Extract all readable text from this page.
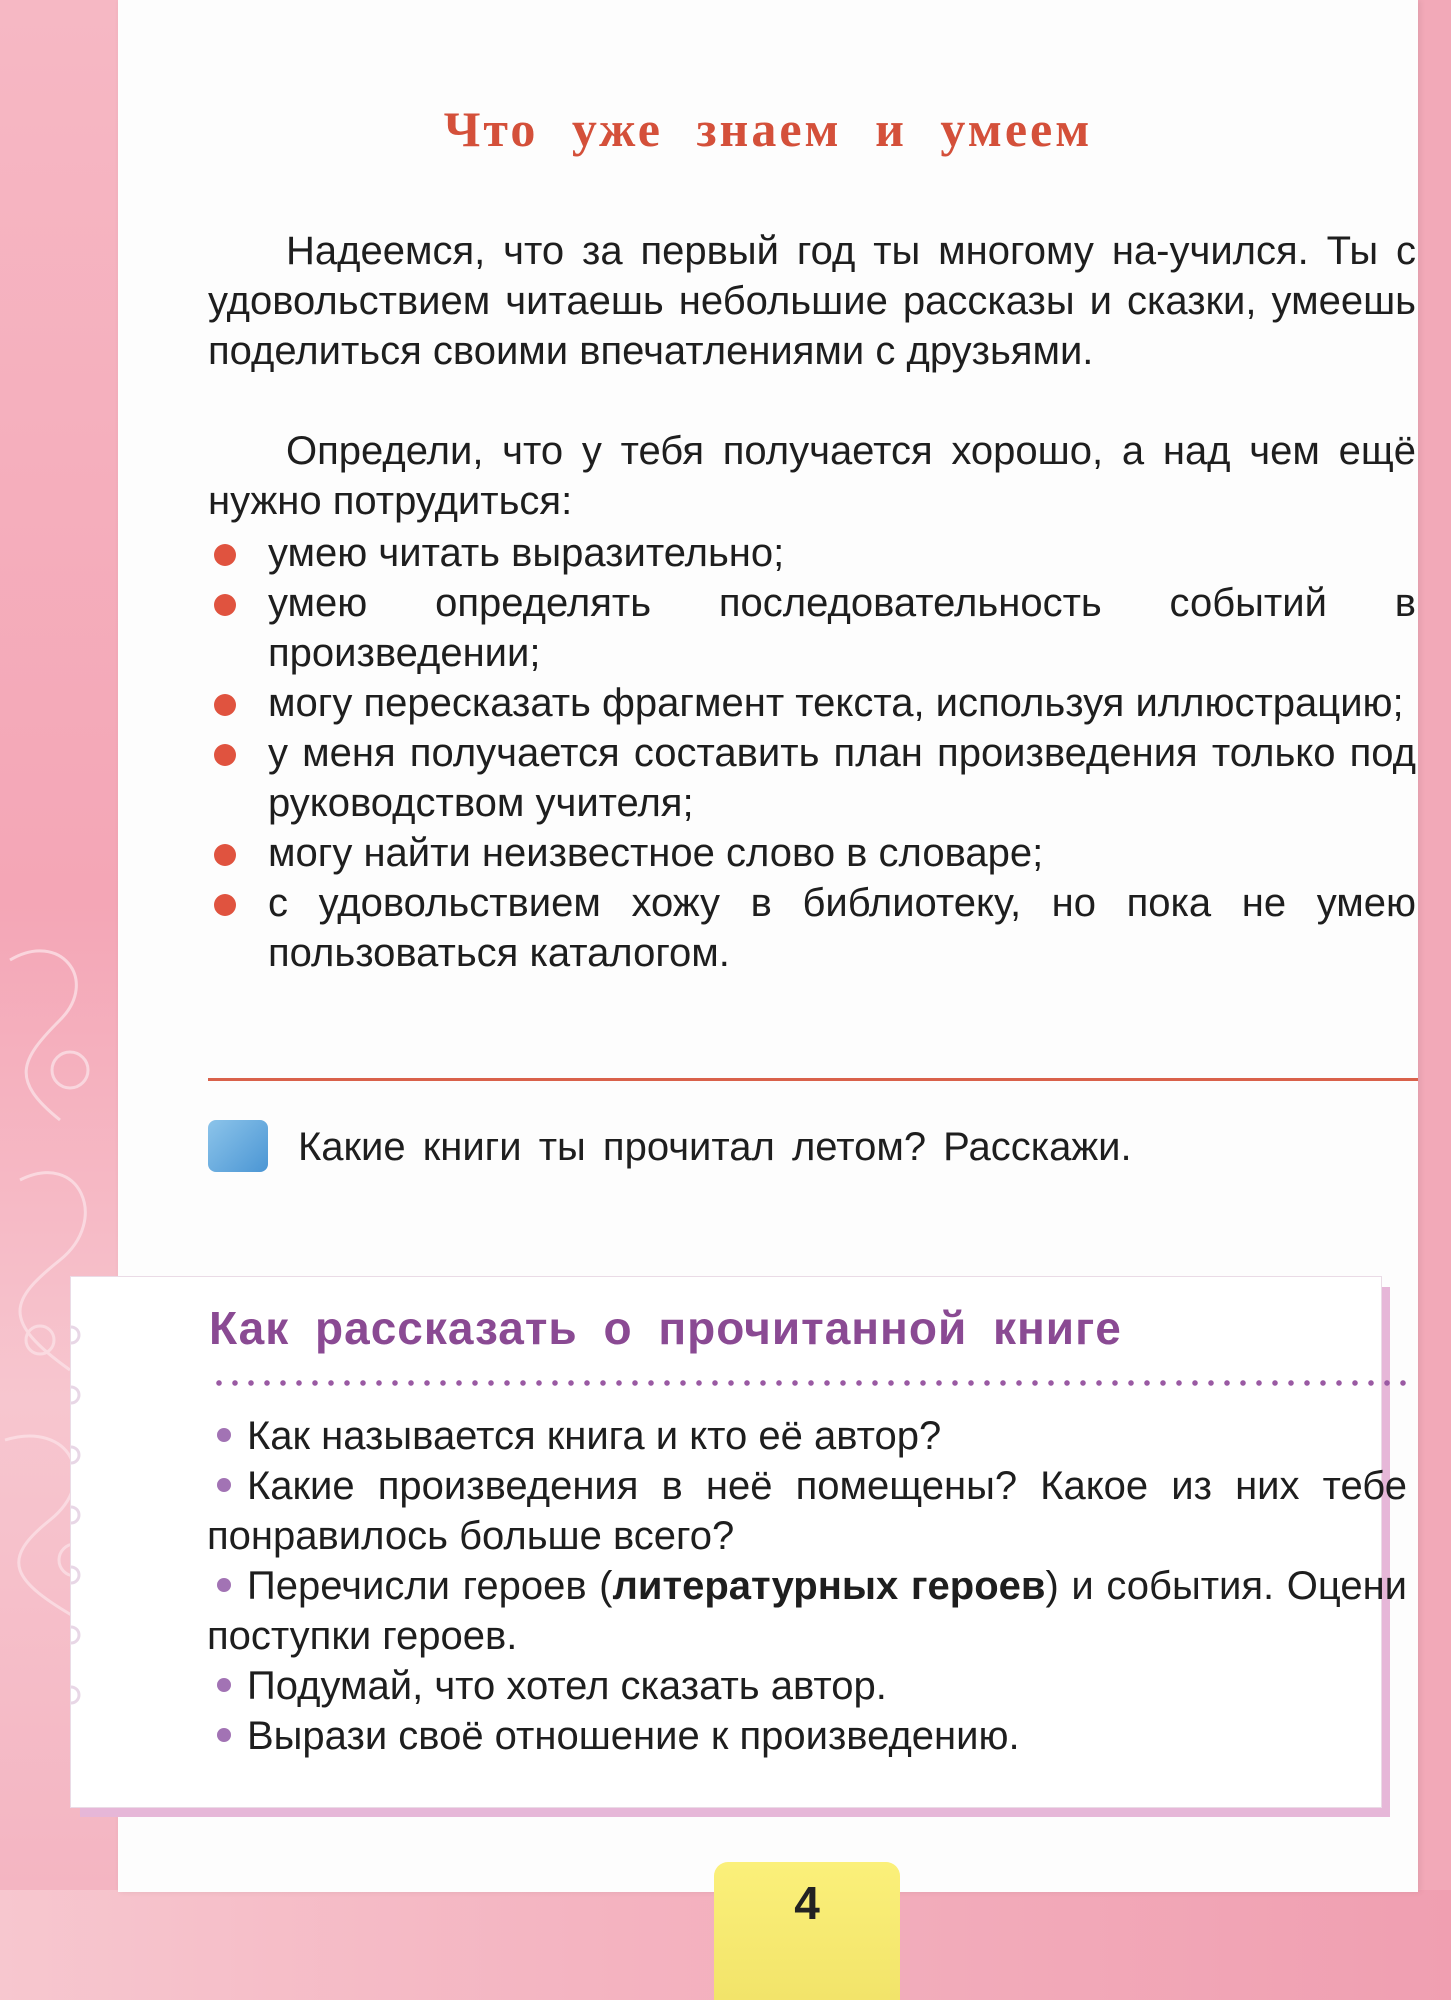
Что уже знаем и умеем

Надеемся, что за первый год ты многому на-учился. Ты с удовольствием читаешь небольшие рассказы и сказки, умеешь поделиться своими впечатлениями с друзьями.

Определи, что у тебя получается хорошо, а над чем ещё нужно потрудиться:

умею читать выразительно;
умею определять последовательность событий в произведении;
могу пересказать фрагмент текста, используя иллюстрацию;
у меня получается составить план произведения только под руководством учителя;
могу найти неизвестное слово в словаре;
с удовольствием хожу в библиотеку, но пока не умею пользоваться каталогом.

Какие книги ты прочитал летом? Расскажи.

Как рассказать о прочитанной книге
Как называется книга и кто её автор?
Какие произведения в неё помещены? Какое из них тебе понравилось больше всего?
Перечисли героев (литературных героев) и события. Оцени поступки героев.
Подумай, что хотел сказать автор.
Вырази своё отношение к произведению.

4
